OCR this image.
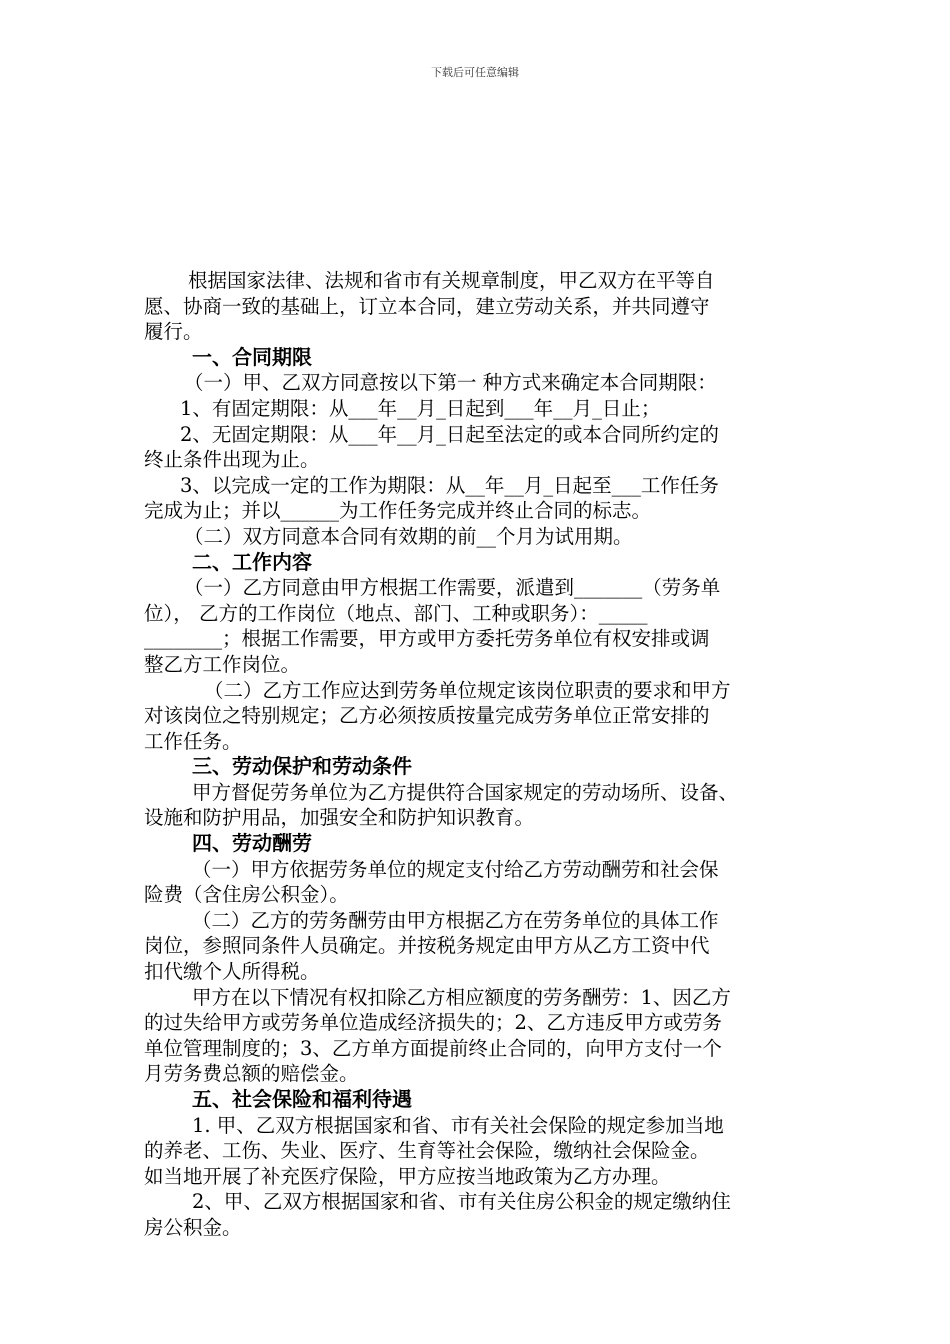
下载后可任意编辑

根据国家法律、法规和省市有关规章制度，甲乙双方在平等自

愿、协商一致的基础上，订立本合同，建立劳动关系，并共同遵守

履行。

一、合同期限

（一）甲、乙双方同意按以下第一 种方式来确定本合同期限：

1、有固定期限：从___年__月_日起到___年__月_日止；

2、无固定期限：从___年__月_日起至法定的或本合同所约定的

终止条件出现为止。

3、以完成一定的工作为期限：从__年__月_日起至___工作任务

完成为止；并以______为工作任务完成并终止合同的标志。

（二）双方同意本合同有效期的前__个月为试用期。

二、工作内容

（一）乙方同意由甲方根据工作需要，派遣到_______（劳务单

位）， 乙方的工作岗位（地点、部门、工种或职务）：_____

________；根据工作需要，甲方或甲方委托劳务单位有权安排或调

整乙方工作岗位。

（二）乙方工作应达到劳务单位规定该岗位职责的要求和甲方

对该岗位之特别规定；乙方必须按质按量完成劳务单位正常安排的

工作任务。

三、劳动保护和劳动条件

甲方督促劳务单位为乙方提供符合国家规定的劳动场所、设备、

设施和防护用品，加强安全和防护知识教育。

四、劳动酬劳

（一）甲方依据劳务单位的规定支付给乙方劳动酬劳和社会保

险费（含住房公积金）。

（二）乙方的劳务酬劳由甲方根据乙方在劳务单位的具体工作

岗位，参照同条件人员确定。并按税务规定由甲方从乙方工资中代

扣代缴个人所得税。

甲方在以下情况有权扣除乙方相应额度的劳务酬劳：1、因乙方

的过失给甲方或劳务单位造成经济损失的；2、乙方违反甲方或劳务

单位管理制度的；3、乙方单方面提前终止合同的，向甲方支付一个

月劳务费总额的赔偿金。

五、社会保险和福利待遇

1. 甲、乙双方根据国家和省、市有关社会保险的规定参加当地

的养老、工伤、失业、医疗、生育等社会保险，缴纳社会保险金。

如当地开展了补充医疗保险，甲方应按当地政策为乙方办理。

2、甲、乙双方根据国家和省、市有关住房公积金的规定缴纳住

房公积金。
